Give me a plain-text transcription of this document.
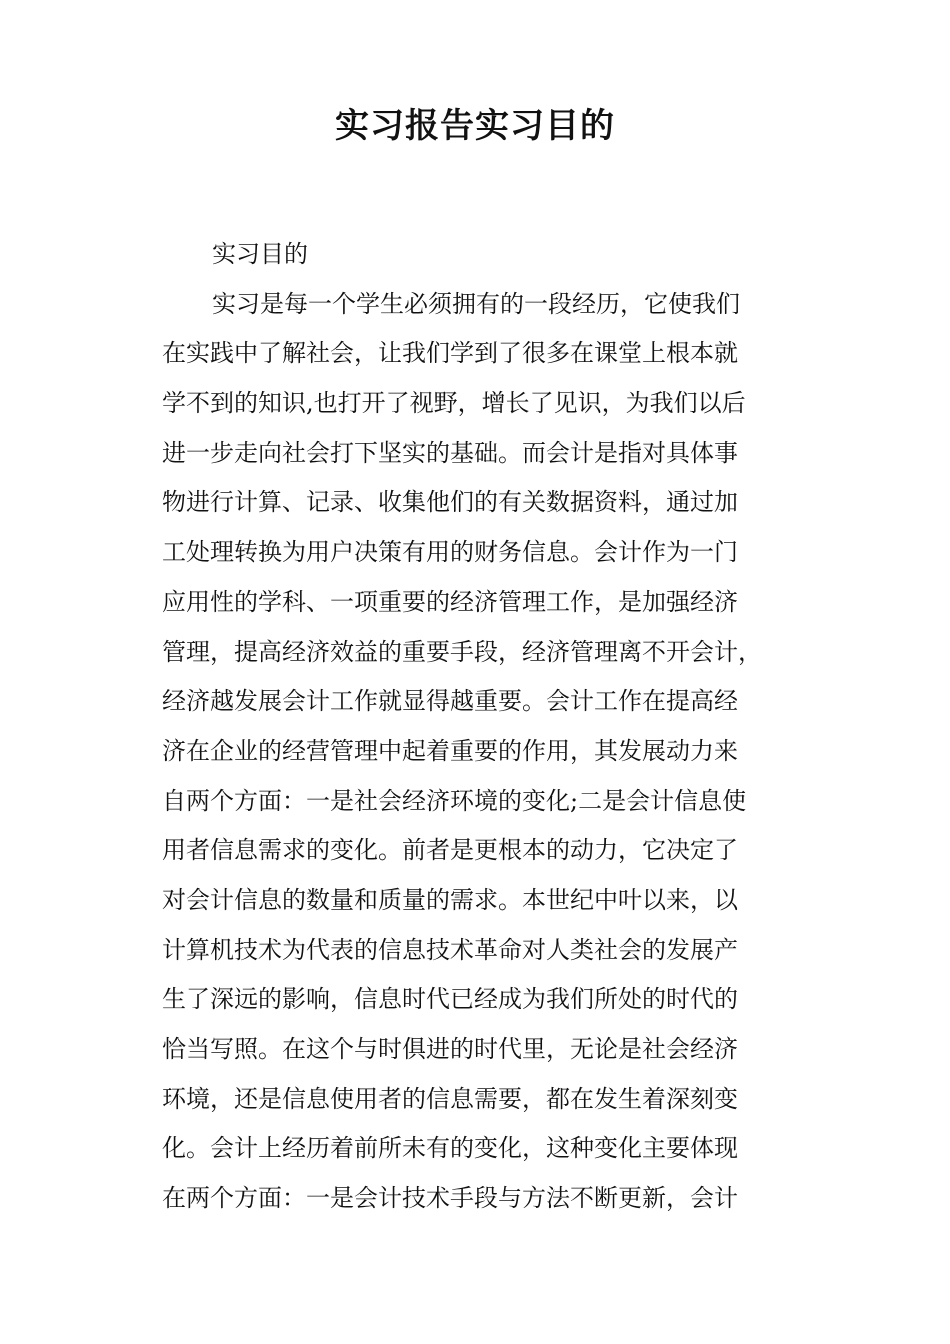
实习报告实习目的

实习目的

实习是每一个学生必须拥有的一段经历，它使我们

在实践中了解社会，让我们学到了很多在课堂上根本就

学不到的知识,也打开了视野，增长了见识，为我们以后

进一步走向社会打下坚实的基础。而会计是指对具体事

物进行计算、记录、收集他们的有关数据资料，通过加

工处理转换为用户决策有用的财务信息。会计作为一门

应用性的学科、一项重要的经济管理工作，是加强经济

管理，提高经济效益的重要手段，经济管理离不开会计，

经济越发展会计工作就显得越重要。会计工作在提高经

济在企业的经营管理中起着重要的作用，其发展动力来

自两个方面：一是社会经济环境的变化;二是会计信息使

用者信息需求的变化。前者是更根本的动力，它决定了

对会计信息的数量和质量的需求。本世纪中叶以来，以

计算机技术为代表的信息技术革命对人类社会的发展产

生了深远的影响，信息时代已经成为我们所处的时代的

恰当写照。在这个与时俱进的时代里，无论是社会经济

环境，还是信息使用者的信息需要，都在发生着深刻变

化。会计上经历着前所未有的变化，这种变化主要体现

在两个方面：一是会计技术手段与方法不断更新，会计
